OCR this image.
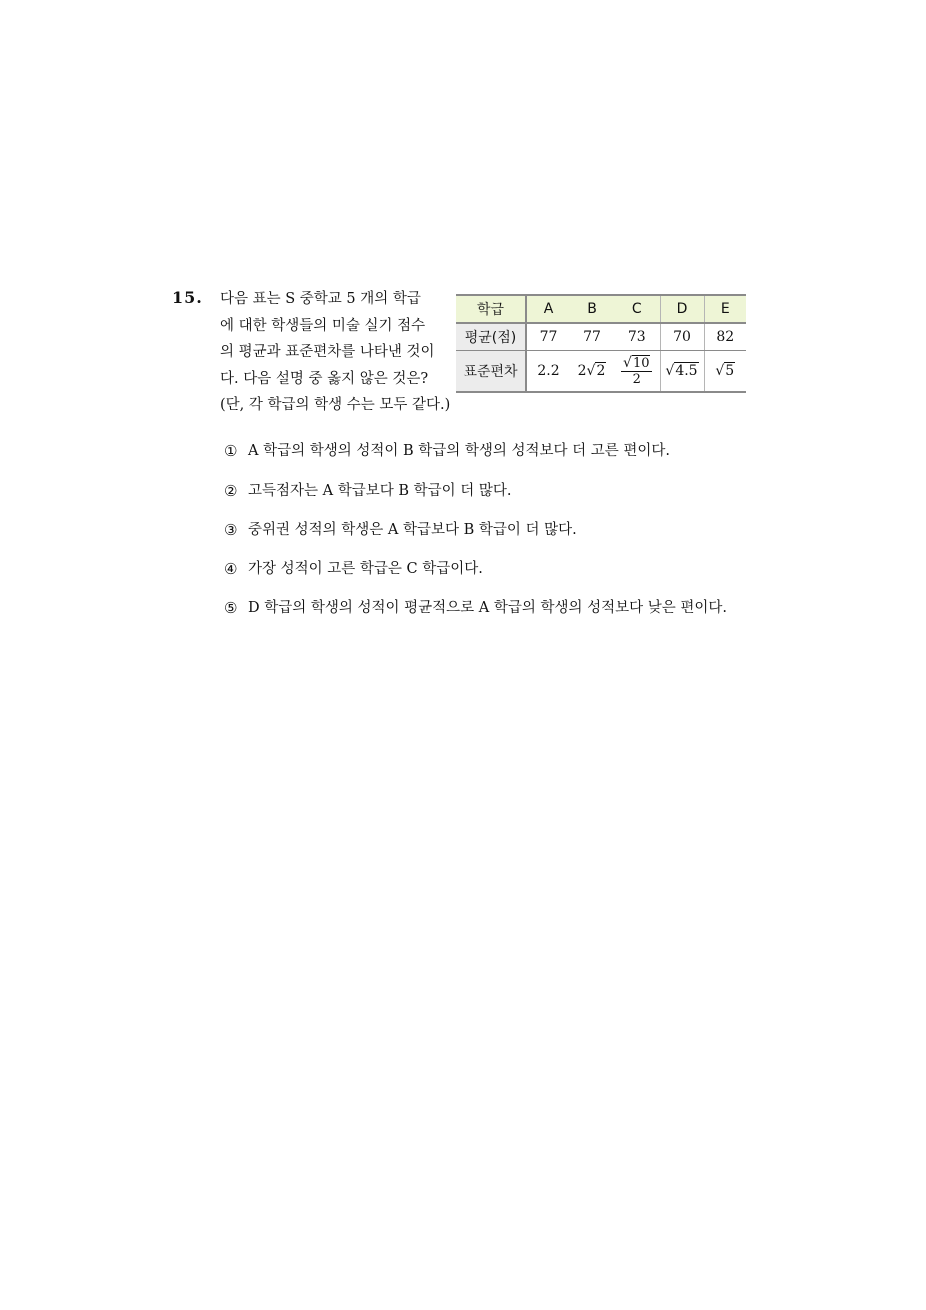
15. 다음 표는 S 중학교 5 개의 학급
에 대한 학생들의 미술 실기 점수
의 평균과 표준편차를 나타낸 것이
다. 다음 설명 중 옳지 않은 것은?
(단, 각 학급의 학생 수는 모두 같다.)
학급	A	B	C	D	E
평균(점)	77	77	73	70	82
표준편차	2.2	2√2	$\frac{√10}{2}$	√4.5	√5
① A 학급의 학생의 성적이 B 학급의 학생의 성적보다 더 고른 편이다.
② 고득점자는 A 학급보다 B 학급이 더 많다.
③ 중위권 성적의 학생은 A 학급보다 B 학급이 더 많다.
④ 가장 성적이 고른 학급은 C 학급이다.
⑤ D 학급의 학생의 성적이 평균적으로 A 학급의 학생의 성적보다 낮은 편이다.
